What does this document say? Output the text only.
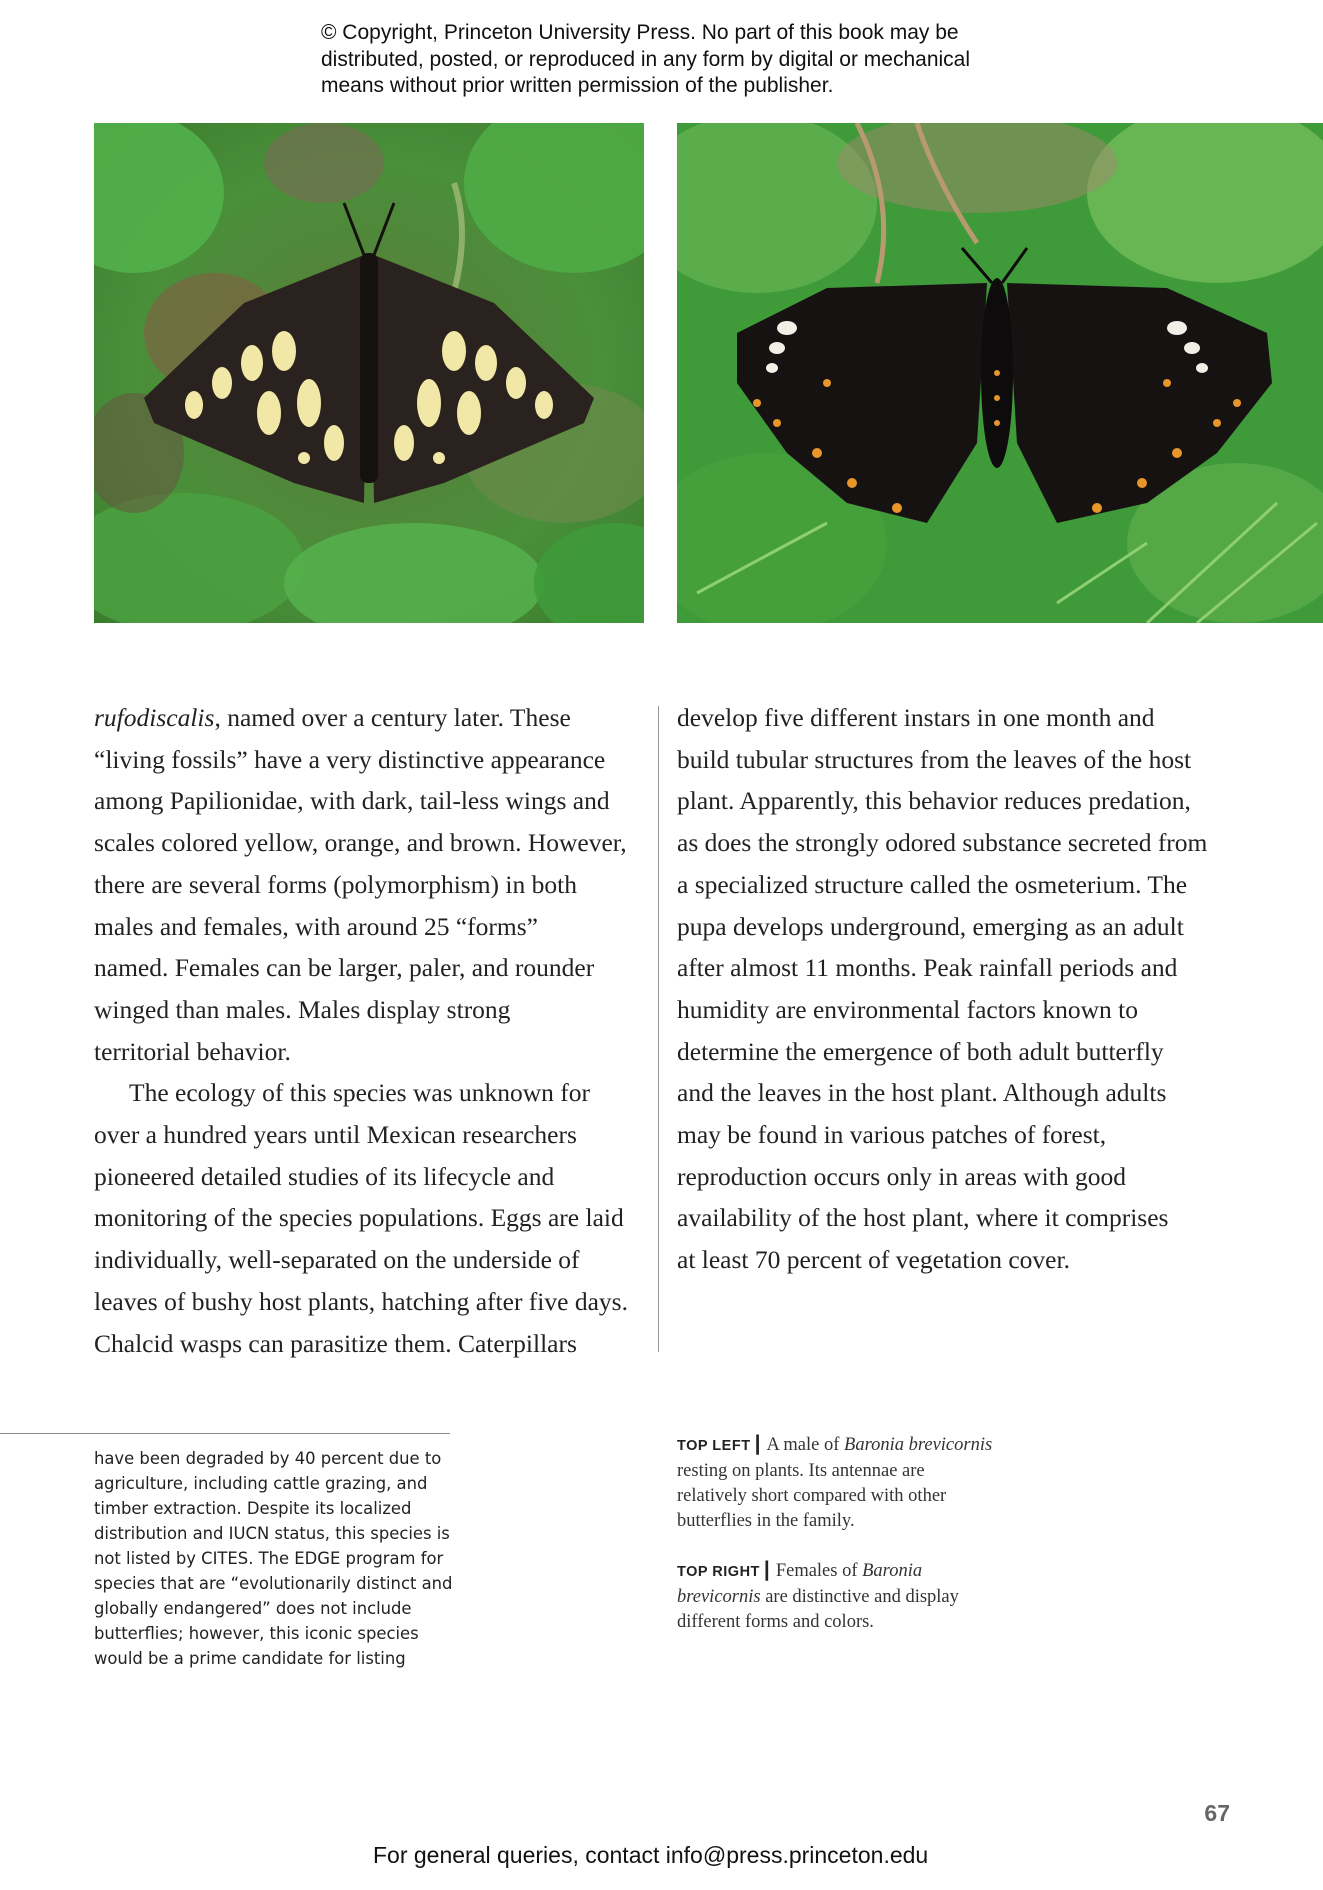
© Copyright, Princeton University Press. No part of this book may be
distributed, posted, or reproduced in any form by digital or mechanical
means without prior written permission of the publisher.
rufodiscalis, named over a century later. These
“living fossils” have a very distinctive appearance
among Papilionidae, with dark, tail-less wings and
scales colored yellow, orange, and brown. However,
there are several forms (polymorphism) in both
males and females, with around 25 “forms”
named. Females can be larger, paler, and rounder
winged than males. Males display strong
territorial behavior.
The ecology of this species was unknown for
over a hundred years until Mexican researchers
pioneered detailed studies of its lifecycle and
monitoring of the species populations. Eggs are laid
individually, well-separated on the underside of
leaves of bushy host plants, hatching after five days.
Chalcid wasps can parasitize them. Caterpillars
develop five different instars in one month and
build tubular structures from the leaves of the host
plant. Apparently, this behavior reduces predation,
as does the strongly odored substance secreted from
a specialized structure called the osmeterium. The
pupa develops underground, emerging as an adult
after almost 11 months. Peak rainfall periods and
humidity are environmental factors known to
determine the emergence of both adult butterfly
and the leaves in the host plant. Although adults
may be found in various patches of forest,
reproduction occurs only in areas with good
availability of the host plant, where it comprises
at least 70 percent of vegetation cover.
have been degraded by 40 percent due to
agriculture, including cattle grazing, and
timber extraction. Despite its localized
distribution and IUCN status, this species is
not listed by CITES. The EDGE program for
species that are “evolutionarily distinct and
globally endangered” does not include
butterflies; however, this iconic species
would be a prime candidate for listing
TOP LEFT | A male of Baronia brevicornis
resting on plants. Its antennae are
relatively short compared with other
butterflies in the family.
TOP RIGHT | Females of Baronia
brevicornis are distinctive and display
different forms and colors.
67
For general queries, contact info@press.princeton.edu
